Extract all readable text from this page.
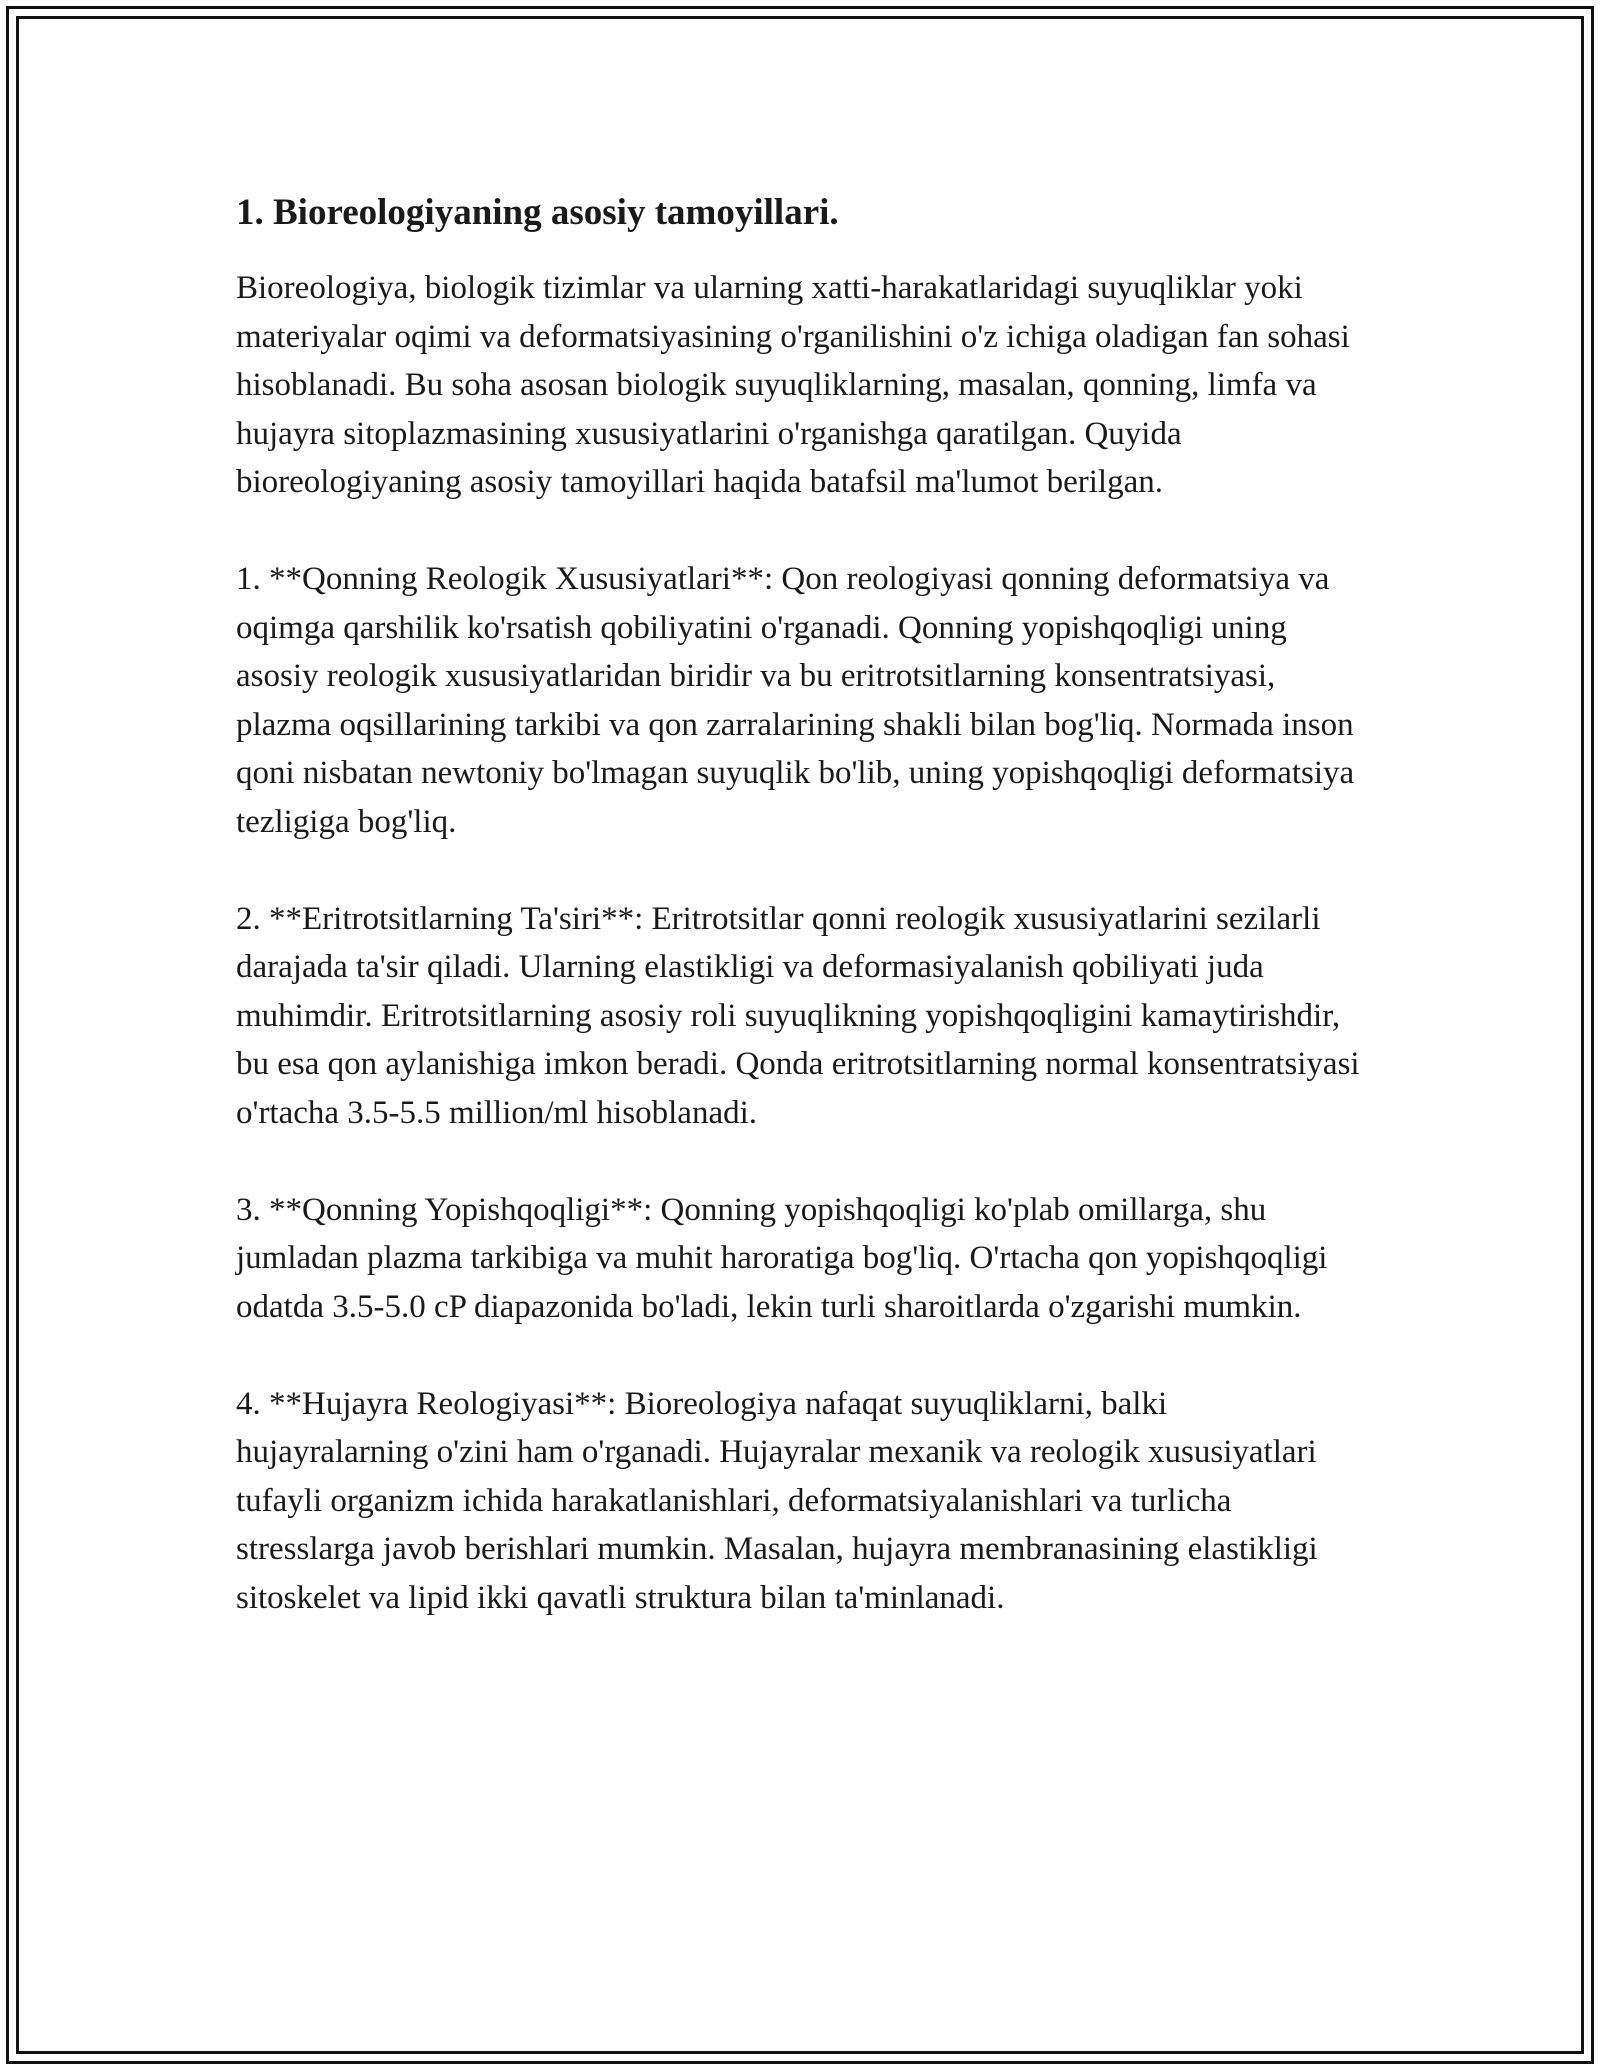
1. Bioreologiyaning asosiy tamoyillari.

Bioreologiya, biologik tizimlar va ularning xatti-harakatlaridagi suyuqliklar yoki materiyalar oqimi va deformatsiyasining o'rganilishini o'z ichiga oladigan fan sohasi hisoblanadi. Bu soha asosan biologik suyuqliklarning, masalan, qonning, limfa va hujayra sitoplazmasining xususiyatlarini o'rganishga qaratilgan. Quyida bioreologiyaning asosiy tamoyillari haqida batafsil ma'lumot berilgan.

1. **Qonning Reologik Xususiyatlari**: Qon reologiyasi qonning deformatsiya va oqimga qarshilik ko'rsatish qobiliyatini o'rganadi. Qonning yopishqoqligi uning asosiy reologik xususiyatlaridan biridir va bu eritrotsitlarning konsentratsiyasi, plazma oqsillarining tarkibi va qon zarralarining shakli bilan bog'liq. Normada inson qoni nisbatan newtoniy bo'lmagan suyuqlik bo'lib, uning yopishqoqligi deformatsiya tezligiga bog'liq.

2. **Eritrotsitlarning Ta'siri**: Eritrotsitlar qonni reologik xususiyatlarini sezilarli darajada ta'sir qiladi. Ularning elastikligi va deformasiyalanish qobiliyati juda muhimdir. Eritrotsitlarning asosiy roli suyuqlikning yopishqoqligini kamaytirishdir, bu esa qon aylanishiga imkon beradi. Qonda eritrotsitlarning normal konsentratsiyasi o'rtacha 3.5-5.5 million/ml hisoblanadi.

3. **Qonning Yopishqoqligi**: Qonning yopishqoqligi ko'plab omillarga, shu jumladan plazma tarkibiga va muhit haroratiga bog'liq. O'rtacha qon yopishqoqligi odatda 3.5-5.0 cP diapazonida bo'ladi, lekin turli sharoitlarda o'zgarishi mumkin.

4. **Hujayra Reologiyasi**: Bioreologiya nafaqat suyuqliklarni, balki hujayralarning o'zini ham o'rganadi. Hujayralar mexanik va reologik xususiyatlari tufayli organizm ichida harakatlanishlari, deformatsiyalanishlari va turlicha stresslarga javob berishlari mumkin. Masalan, hujayra membranasining elastikligi sitoskelet va lipid ikki qavatli struktura bilan ta'minlanadi.
